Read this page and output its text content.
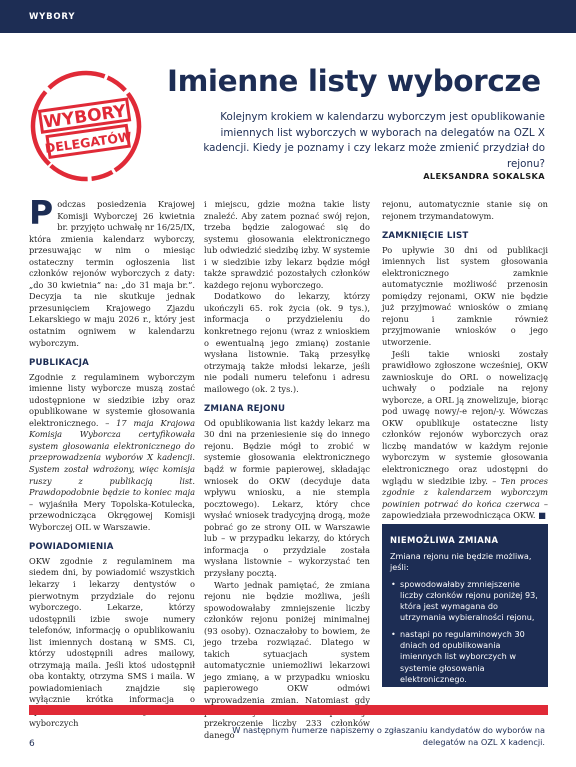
WYBORY
WYBORY
DELEGATÓW
Imienne listy wyborcze

Kolejnym krokiem w kalendarzu wyborczym jest opublikowanie imiennych list wyborczych w wyborach na delegatów na OZL X kadencji. Kiedy je poznamy i czy lekarz może zmienić przydział do rejonu?

ALEKSANDRA SOKALSKA

Podczas posiedzenia Krajowej Komisji Wyborczej 26 kwietnia br. przyjęto uchwałę nr 16/25/IX, która zmienia kalendarz wyborczy, przesuwając w nim o miesiąc ostateczny termin ogłoszenia list członków rejonów wyborczych z daty: „do 30 kwietnia” na: „do 31 maja br.”. Decyzja ta nie skutkuje jednak przesunięciem Krajowego Zjazdu Lekarskiego w maju 2026 r., który jest ostatnim ogniwem w kalendarzu wyborczym.

PUBLIKACJA

Zgodnie z regulaminem wyborczym imienne listy wyborcze muszą zostać udostępnione w siedzibie izby oraz opublikowane w systemie głosowania elektronicznego. – 17 maja Krajowa Komisja Wyborcza certyfikowała system głosowania elektronicznego do przeprowadzenia wyborów X kadencji. System został wdrożony, więc komisja ruszy z publikacją list. Prawdopodobnie będzie to koniec maja – wyjaśniła Mery Topolska-Kotulecka, przewodnicząca Okręgowej Komisji Wyborczej OIL w Warszawie.

POWIADOMIENIA

OKW zgodnie z regulaminem ma siedem dni, by powiadomić wszystkich lekarzy i lekarzy dentystów o pierwotnym przydziale do rejonu wyborczego. Lekarze, którzy udostępnili izbie swoje numery telefonów, informację o opublikowaniu list imiennych dostaną w SMS. Ci, którzy udostępnili adres mailowy, otrzymają maila. Jeśli ktoś udostępnił oba kontakty, otrzyma SMS i maila. W powiadomieniach znajdzie się wyłącznie krótka informacja o wyborczych

i miejscu, gdzie można takie listy znaleźć. Aby zatem poznać swój rejon, trzeba będzie zalogować się do systemu głosowania elektronicznego lub odwiedzić siedzibę izby. W systemie i w siedzibie izby lekarz będzie mógł także sprawdzić pozostałych członków każdego rejonu wyborczego.

Dodatkowo do lekarzy, którzy ukończyli 65. rok życia (ok. 9 tys.), informacja o przydzieleniu do konkretnego rejonu (wraz z wnioskiem o ewentualną jego zmianę) zostanie wysłana listownie. Taką przesyłkę otrzymają także młodsi lekarze, jeśli nie podali numeru telefonu i adresu mailowego (ok. 2 tys.).

ZMIANA REJONU

Od opublikowania list każdy lekarz ma 30 dni na przeniesienie się do innego rejonu. Będzie mógł to zrobić w systemie głosowania elektronicznego bądź w formie papierowej, składając wniosek do OKW (decyduje data wpływu wniosku, a nie stempla pocztowego). Lekarz, który chce wysłać wniosek tradycyjną drogą, może pobrać go ze strony OIL w Warszawie lub – w przypadku lekarzy, do których informacja o przydziale została wysłana listownie – wykorzystać ten przysłany pocztą.

Warto jednak pamiętać, że zmiana rejonu nie będzie możliwa, jeśli spowodowałaby zmniejszenie liczby członków rejonu poniżej minimalnej (93 osoby). Oznaczałoby to bowiem, że jego trzeba rozwiązać. Dlatego w takich sytuacjach system automatycznie uniemożliwi lekarzowi jego zmianę, a w przypadku wniosku papierowego OKW odmówi wprowadzenia zmian. Natomiast gdy przekroczenie liczby 233 członków danego

rejonu, automatycznie stanie się on rejonem trzymandatowym.

ZAMKNIĘCIE LIST

Po upływie 30 dni od publikacji imiennych list system głosowania elektronicznego zamknie automatycznie możliwość przenosin pomiędzy rejonami, OKW nie będzie już przyjmować wniosków o zmianę rejonu i zamknie również przyjmowanie wniosków o jego utworzenie.

Jeśli takie wnioski zostały prawidłowo zgłoszone wcześniej, OKW zawnioskuje do ORL o nowelizację uchwały o podziale na rejony wyborcze, a ORL ją znowelizuje, biorąc pod uwagę nowy/-e rejon/-y. Wówczas OKW opublikuje ostateczne listy członków rejonów wyborczych oraz liczbę mandatów w każdym rejonie wyborczym w systemie głosowania elektronicznego oraz udostępni do wglądu w siedzibie izby. – Ten proces zgodnie z kalendarzem wyborczym powinien potrwać do końca czerwca – zapowiedziała przewodnicząca OKW. ■

NIEMOŻLIWA ZMIANA

Zmiana rejonu nie będzie możliwa, jeśli:

• spowodowałaby zmniejszenie liczby członków rejonu poniżej 93, która jest wymagana do utrzymania wybieralności rejonu,
• nastąpi po regulaminowych 30 dniach od opublikowania imiennych list wyborczych w systemie głosowania elektronicznego.
6

W następnym numerze napiszemy o zgłaszaniu kandydatów do wyborów na delegatów na OZL X kadencji.
